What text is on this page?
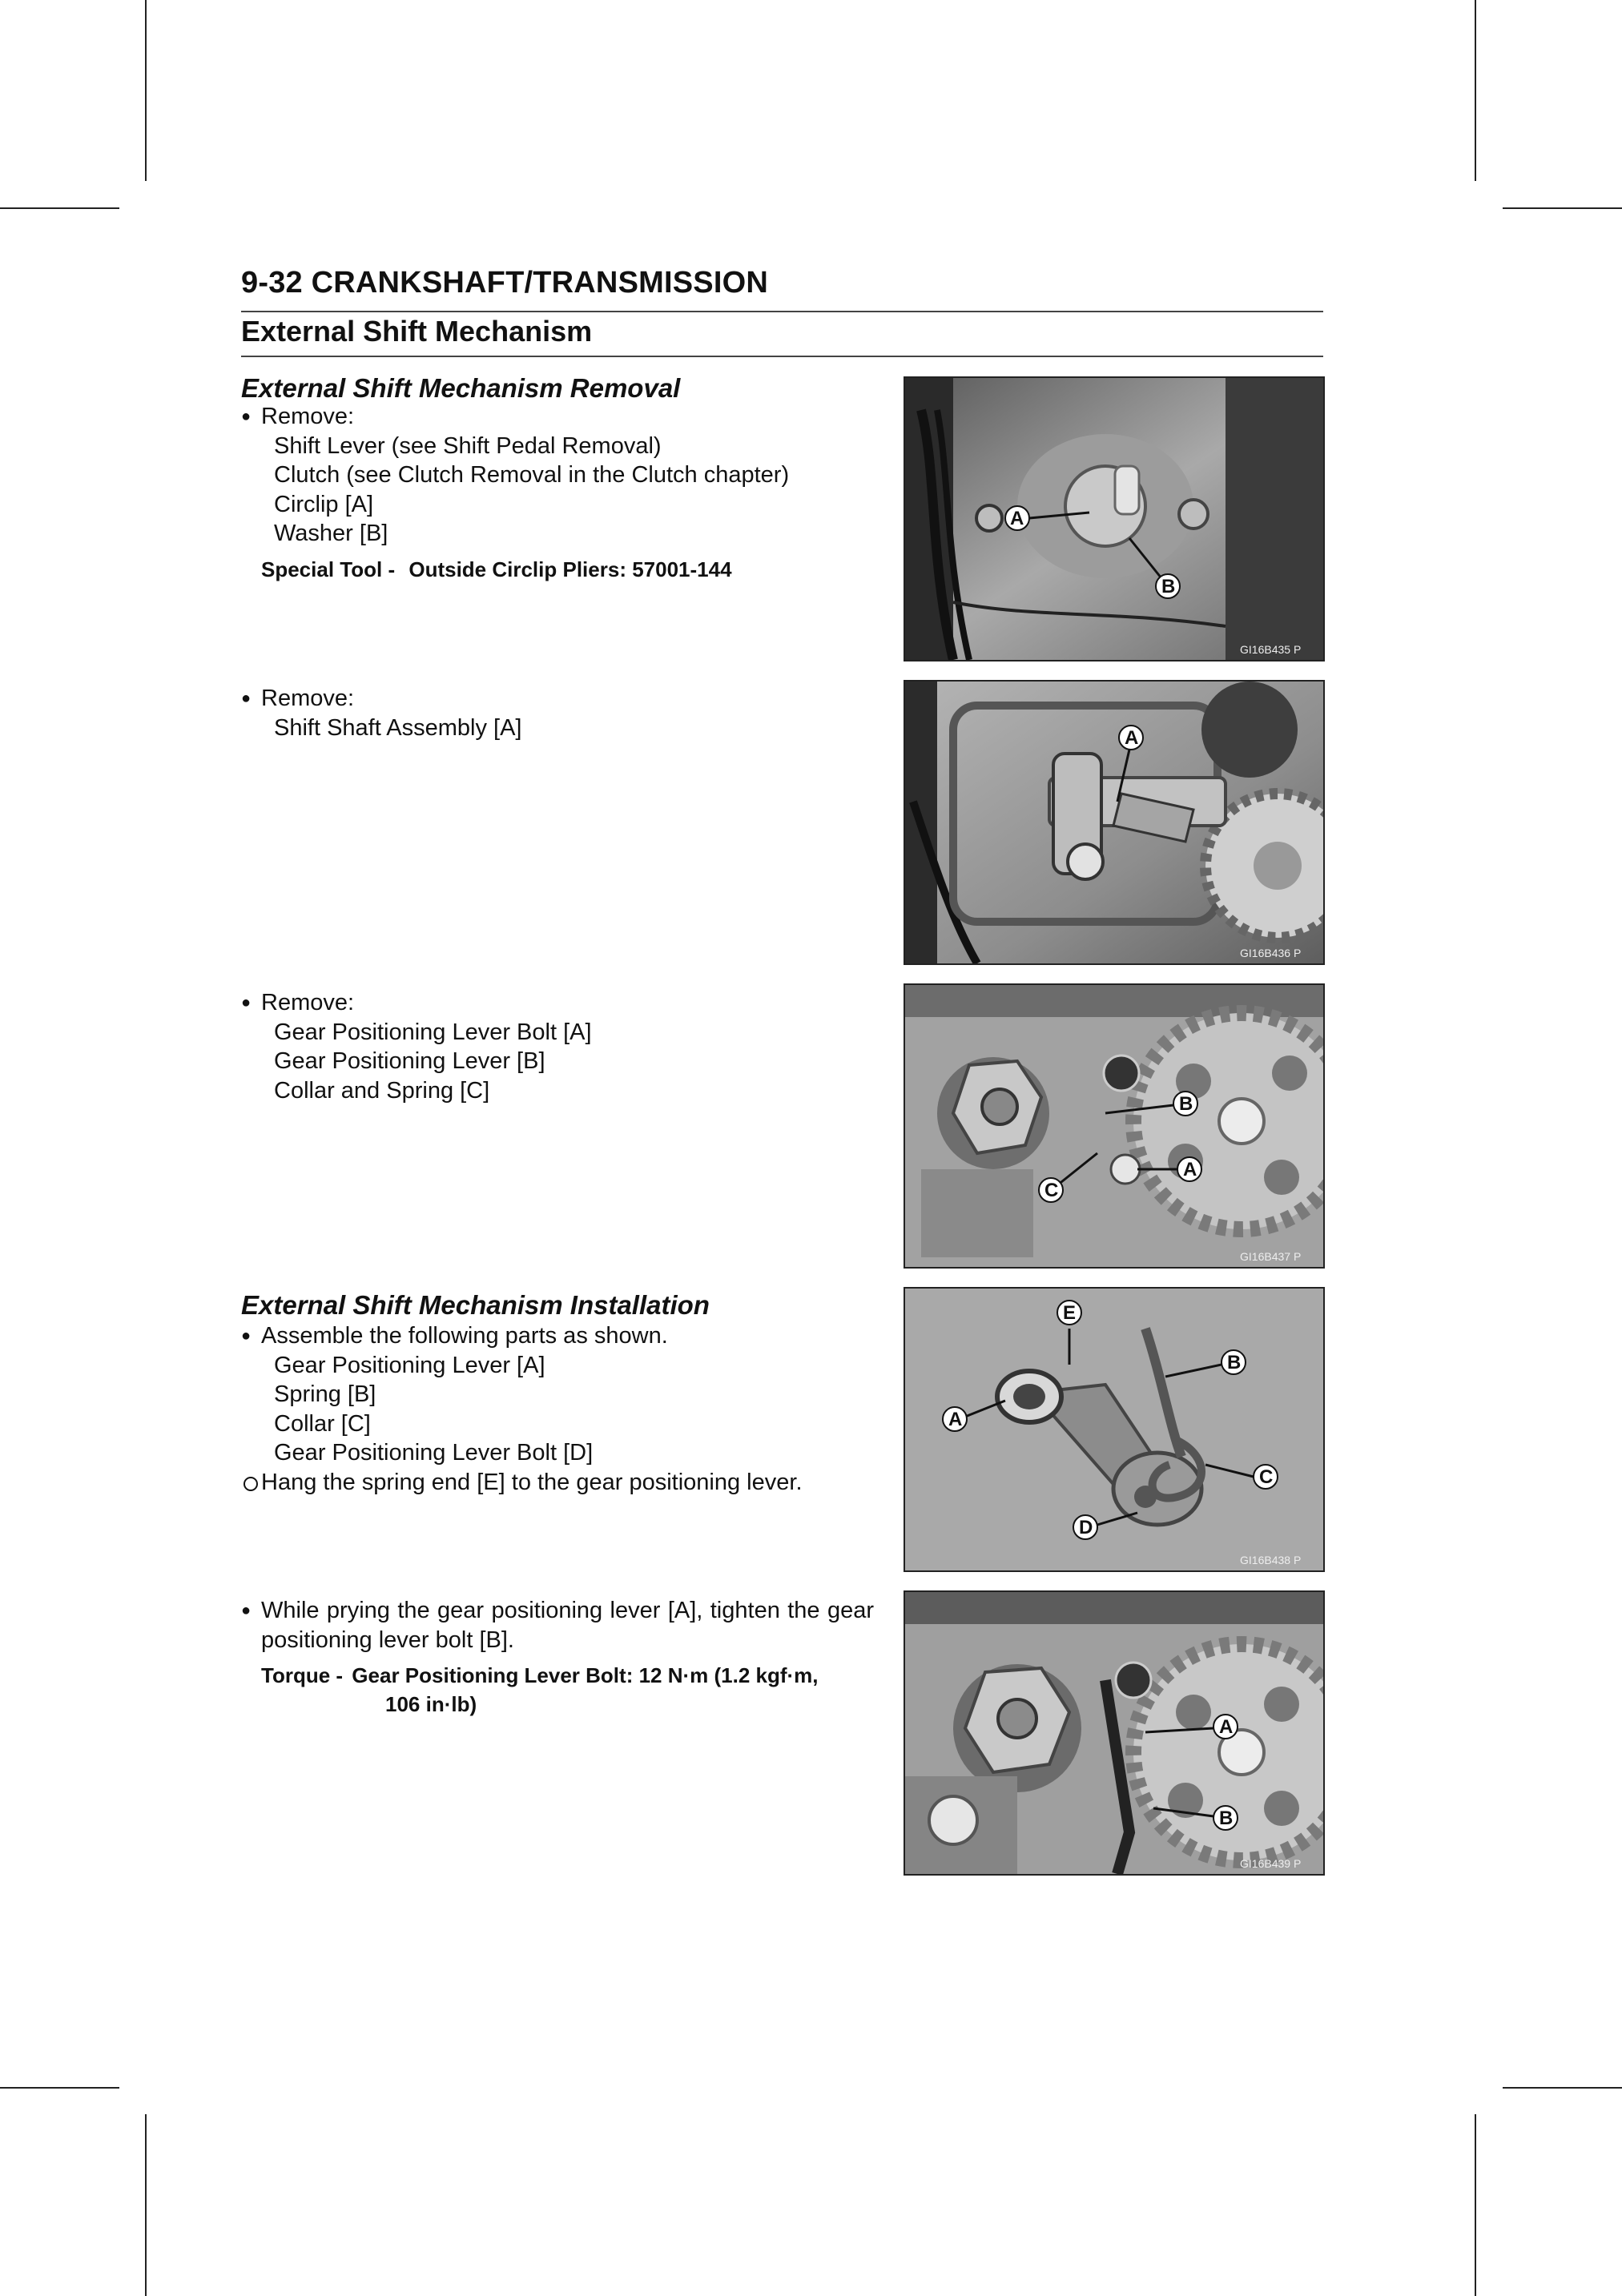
9-32 CRANKSHAFT/TRANSMISSION
External Shift Mechanism
External Shift Mechanism Removal
● Remove:
Shift Lever (see Shift Pedal Removal)
Clutch (see Clutch Removal in the Clutch chapter)
Circlip [A]
Washer [B]
Special Tool - Outside Circlip Pliers: 57001-144
● Remove:
Shift Shaft Assembly [A]
● Remove:
Gear Positioning Lever Bolt [A]
Gear Positioning Lever [B]
Collar and Spring [C]
External Shift Mechanism Installation
● Assemble the following parts as shown.
Gear Positioning Lever [A]
Spring [B]
Collar [C]
Gear Positioning Lever Bolt [D]
Hang the spring end [E] to the gear positioning lever.
● While prying the gear positioning lever [A], tighten the gear positioning lever bolt [B].
Torque - Gear Positioning Lever Bolt: 12 N·m (1.2 kgf·m,
106 in·lb)
A
B
GI16B435 P
A
GI16B436 P
B
A
C
GI16B437 P
E
B
A
C
D
GI16B438 P
A
B
GI16B439 P
